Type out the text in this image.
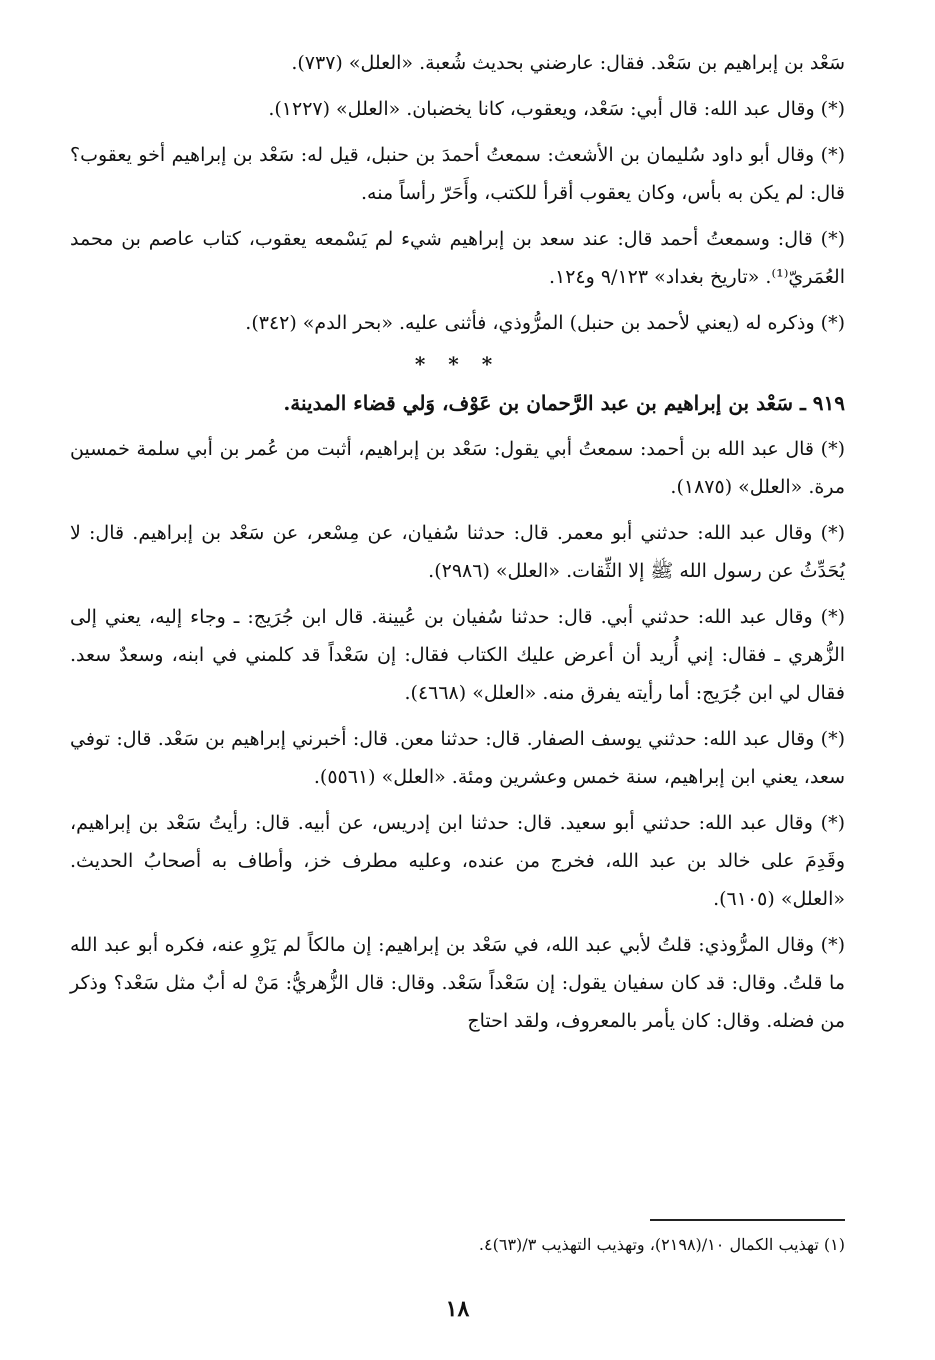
سَعْد بن إبراهيم بن سَعْد. فقال: عارضني بحديث شُعبة. «العلل» (٧٣٧).

(*) وقال عبد الله: قال أبي: سَعْد، ويعقوب، كانا يخضبان. «العلل» (١٢٢٧).

(*) وقال أبو داود سُليمان بن الأشعث: سمعتُ أحمدَ بن حنبل، قيل له: سَعْد بن إبراهيم أخو يعقوب؟ قال: لم يكن به بأس، وكان يعقوب أقرأ للكتب، وأَحَرّ رأساً منه.

(*) قال: وسمعتُ أحمد قال: عند سعد بن إبراهيم شيء لم يَسْمعه يعقوب، كتاب عاصم بن محمد العُمَريّ⁽¹⁾. «تاريخ بغداد» ٩/١٢٣ و١٢٤.

(*) وذكره له (يعني لأحمد بن حنبل) المرُّوذي، فأثنى عليه. «بحر الدم» (٣٤٢).

* * *

٩١٩ ـ سَعْد بن إبراهيم بن عبد الرَّحمان بن عَوْف، وَلي قضاء المدينة.

(*) قال عبد الله بن أحمد: سمعتُ أبي يقول: سَعْد بن إبراهيم، أثبت من عُمر بن أبي سلمة خمسين مرة. «العلل» (١٨٧٥).

(*) وقال عبد الله: حدثني أبو معمر. قال: حدثنا سُفيان، عن مِسْعر، عن سَعْد بن إبراهيم. قال: لا يُحَدِّثُ عن رسول الله ﷺ إلا الثِّقات. «العلل» (٢٩٨٦).

(*) وقال عبد الله: حدثني أبي. قال: حدثنا سُفيان بن عُيينة. قال ابن جُرَيج: ـ وجاء إليه، يعني إلى الزُّهري ـ فقال: إني أُريد أن أعرض عليك الكتاب فقال: إن سَعْداً قد كلمني في ابنه، وسعدٌ سعد. فقال لي ابن جُرَيج: أما رأيته يفرق منه. «العلل» (٤٦٦٨).

(*) وقال عبد الله: حدثني يوسف الصفار. قال: حدثنا معن. قال: أخبرني إبراهيم بن سَعْد. قال: توفي سعد، يعني ابن إبراهيم، سنة خمس وعشرين ومئة. «العلل» (٥٥٦١).

(*) وقال عبد الله: حدثني أبو سعيد. قال: حدثنا ابن إدريس، عن أبيه. قال: رأيتُ سَعْد بن إبراهيم، وقَدِمَ على خالد بن عبد الله، فخرج من عنده، وعليه مطرف خز، وأطاف به أصحابُ الحديث. «العلل» (٦١٠٥).

(*) وقال المرُّوذي: قلتُ لأبي عبد الله، في سَعْد بن إبراهيم: إن مالكاً لم يَرْوِ عنه، فكره أبو عبد الله ما قلتُ. وقال: قد كان سفيان يقول: إن سَعْداً سَعْد. وقال: قال الزُّهريُّ: مَنْ له أبٌ مثل سَعْد؟ وذكر من فضله. وقال: كان يأمر بالمعروف، ولقد احتاج

(١) تهذيب الكمال ١٠/(٢١٩٨)، وتهذيب التهذيب ٣/(٦٣)٤.

١٨
